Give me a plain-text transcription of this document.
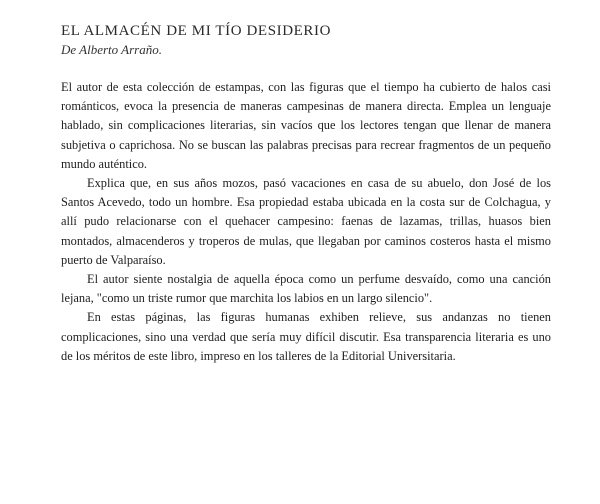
EL ALMACÉN DE MI TÍO DESIDERIO

De Alberto Arraño.

El autor de esta colección de estampas, con las figuras que el tiempo ha cubierto de halos casi románticos, evoca la presencia de maneras campesinas de manera directa. Emplea un lenguaje hablado, sin complicaciones literarias, sin vacíos que los lectores tengan que llenar de manera subjetiva o caprichosa. No se buscan las palabras precisas para recrear fragmentos de un pequeño mundo auténtico.

Explica que, en sus años mozos, pasó vacaciones en casa de su abuelo, don José de los Santos Acevedo, todo un hombre. Esa propiedad estaba ubicada en la costa sur de Colchagua, y allí pudo relacionarse con el quehacer campesino: faenas de lazamas, trillas, huasos bien montados, almacenderos y troperos de mulas, que llegaban por caminos costeros hasta el mismo puerto de Valparaíso.

El autor siente nostalgia de aquella época como un perfume desvaído, como una canción lejana, "como un triste rumor que marchita los labios en un largo silencio".

En estas páginas, las figuras humanas exhiben relieve, sus andanzas no tienen complicaciones, sino una verdad que sería muy difícil discutir. Esa transparencia literaria es uno de los méritos de este libro, impreso en los talleres de la Editorial Universitaria.
